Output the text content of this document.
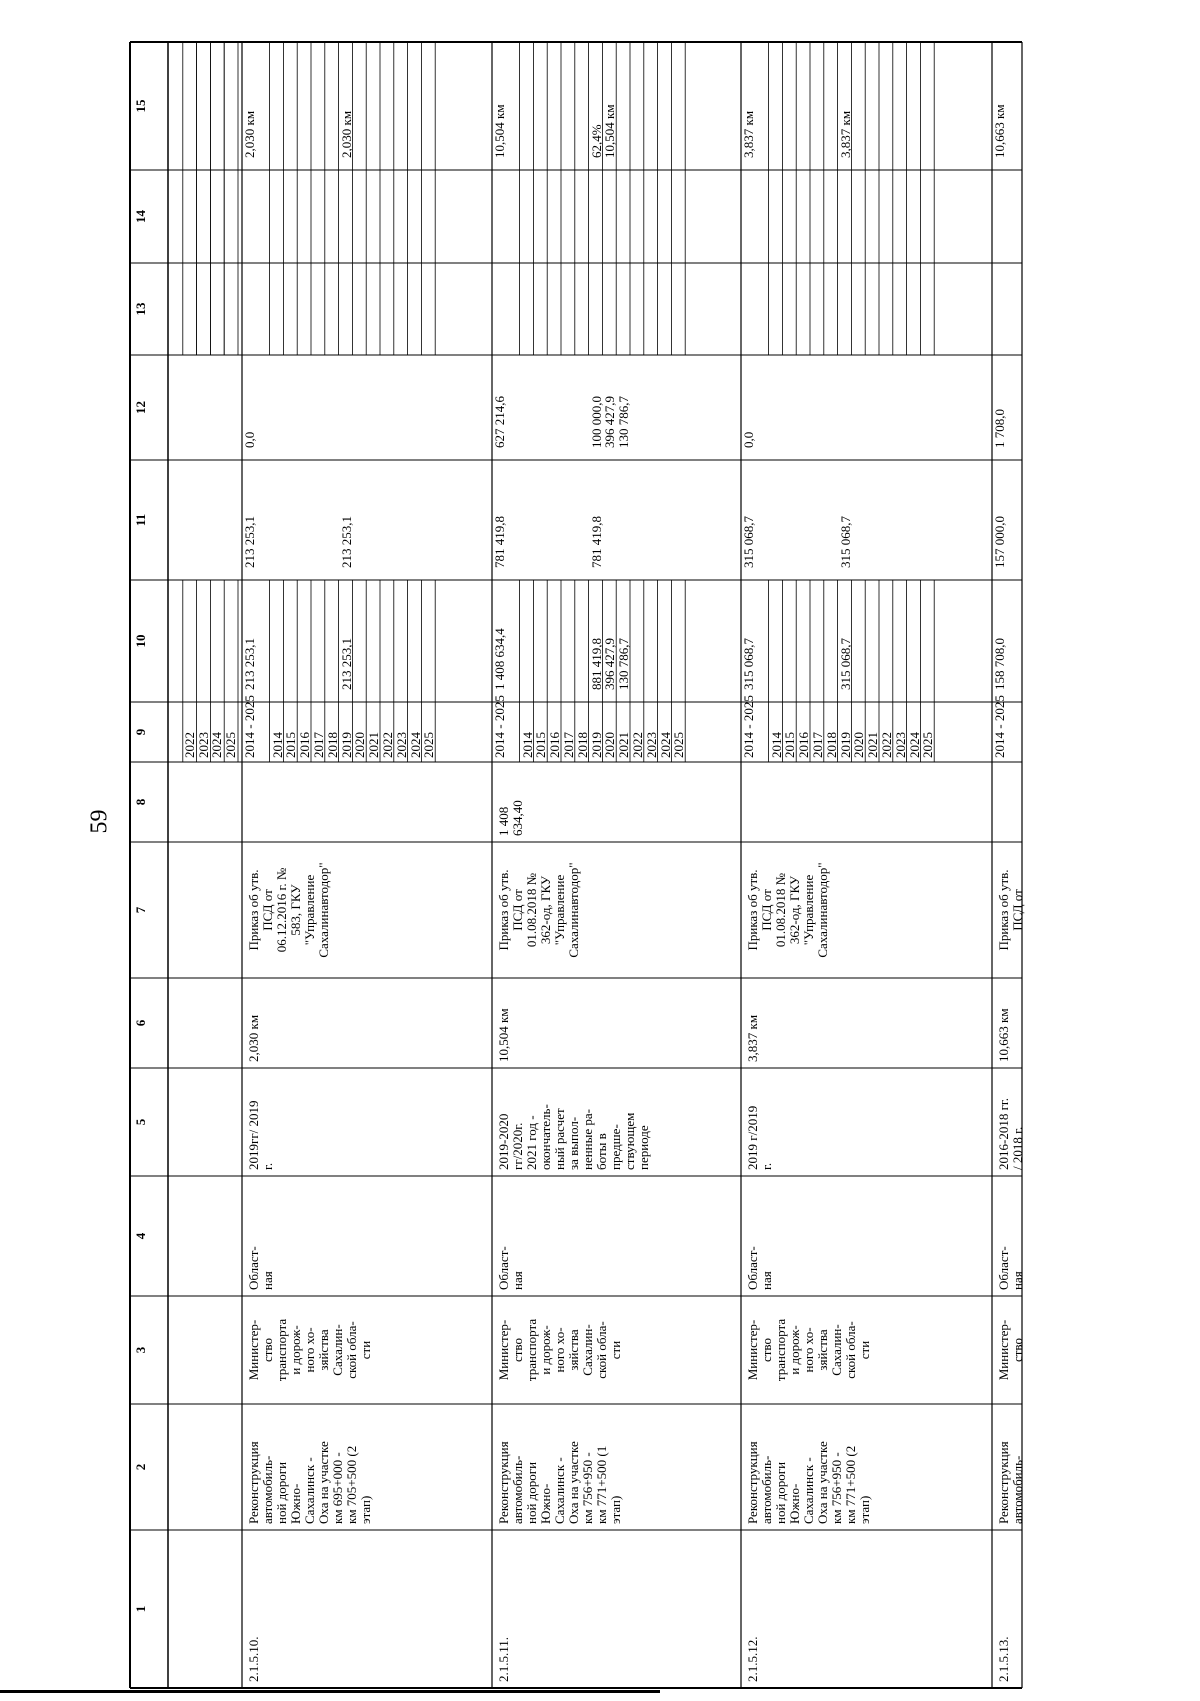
59
1
2
3
4
5
6
7
8
9
10
11
12
13
14
15
2022
2023
2024
2025
2.1.5.10.
Реконструкция
автомобиль-
ной дороги
Южно-
Сахалинск -
Оха на участке
км 695+000 -
км 705+500 (2
этап)
Министер-
ство
транспорта
и дорож-
ного хо-
зяйства
Сахалин-
ской обла-
сти
Област-
ная
2019гг/ 2019
г.
2,030 км
Приказ об утв.
ПСД от
06.12.2016 г. №
583, ГКУ
"Управление
Сахалинавтодор"
2014 - 2025
213 253,1
213 253,1
0,0
2,030 км
2014
2015
2016
2017
2018
2019
213 253,1
213 253,1
2,030 км
2020
2021
2022
2023
2024
2025
2.1.5.11.
Реконструкция
автомобиль-
ной дороги
Южно-
Сахалинск -
Оха на участке
км 756+950 -
км 771+500 (1
этап)
Министер-
ство
транспорта
и дорож-
ного хо-
зяйства
Сахалин-
ской обла-
сти
Област-
ная
2019-2020
гг/2020г.
2021 год -
окончатель-
ный расчет
за выпол-
ненные ра-
боты в
предше-
ствующем
периоде
10,504 км
Приказ об утв.
ПСД от
01.08.2018 №
362-од, ГКУ
"Управление
Сахалинавтодор"
1 408
634,40
2014 - 2025
1 408 634,4
781 419,8
627 214,6
10,504 км
2014
2015
2016
2017
2018
2019
881 419,8
781 419,8
100 000,0
62,4%
2020
396 427,9
396 427,9
10,504 км
2021
130 786,7
130 786,7
2022
2023
2024
2025
2.1.5.12.
Реконструкция
автомобиль-
ной дороги
Южно-
Сахалинск -
Оха на участке
км 756+950 -
км 771+500 (2
этап)
Министер-
ство
транспорта
и дорож-
ного хо-
зяйства
Сахалин-
ской обла-
сти
Област-
ная
2019 г/2019
г.
3,837 км
Приказ об утв.
ПСД от
01.08.2018 №
362-од, ГКУ
"Управление
Сахалинавтодор"
2014 - 2025
315 068,7
315 068,7
0,0
3,837 км
2014
2015
2016
2017
2018
2019
315 068,7
315 068,7
3,837 км
2020
2021
2022
2023
2024
2025
2.1.5.13.
Реконструкция
автомобиль-
Министер-
ство
Област-
ная
2016-2018 гг.
/ 2018 г.
10,663 км
Приказ об утв.
ПСД от
2014 - 2025
158 708,0
157 000,0
1 708,0
10,663 км
